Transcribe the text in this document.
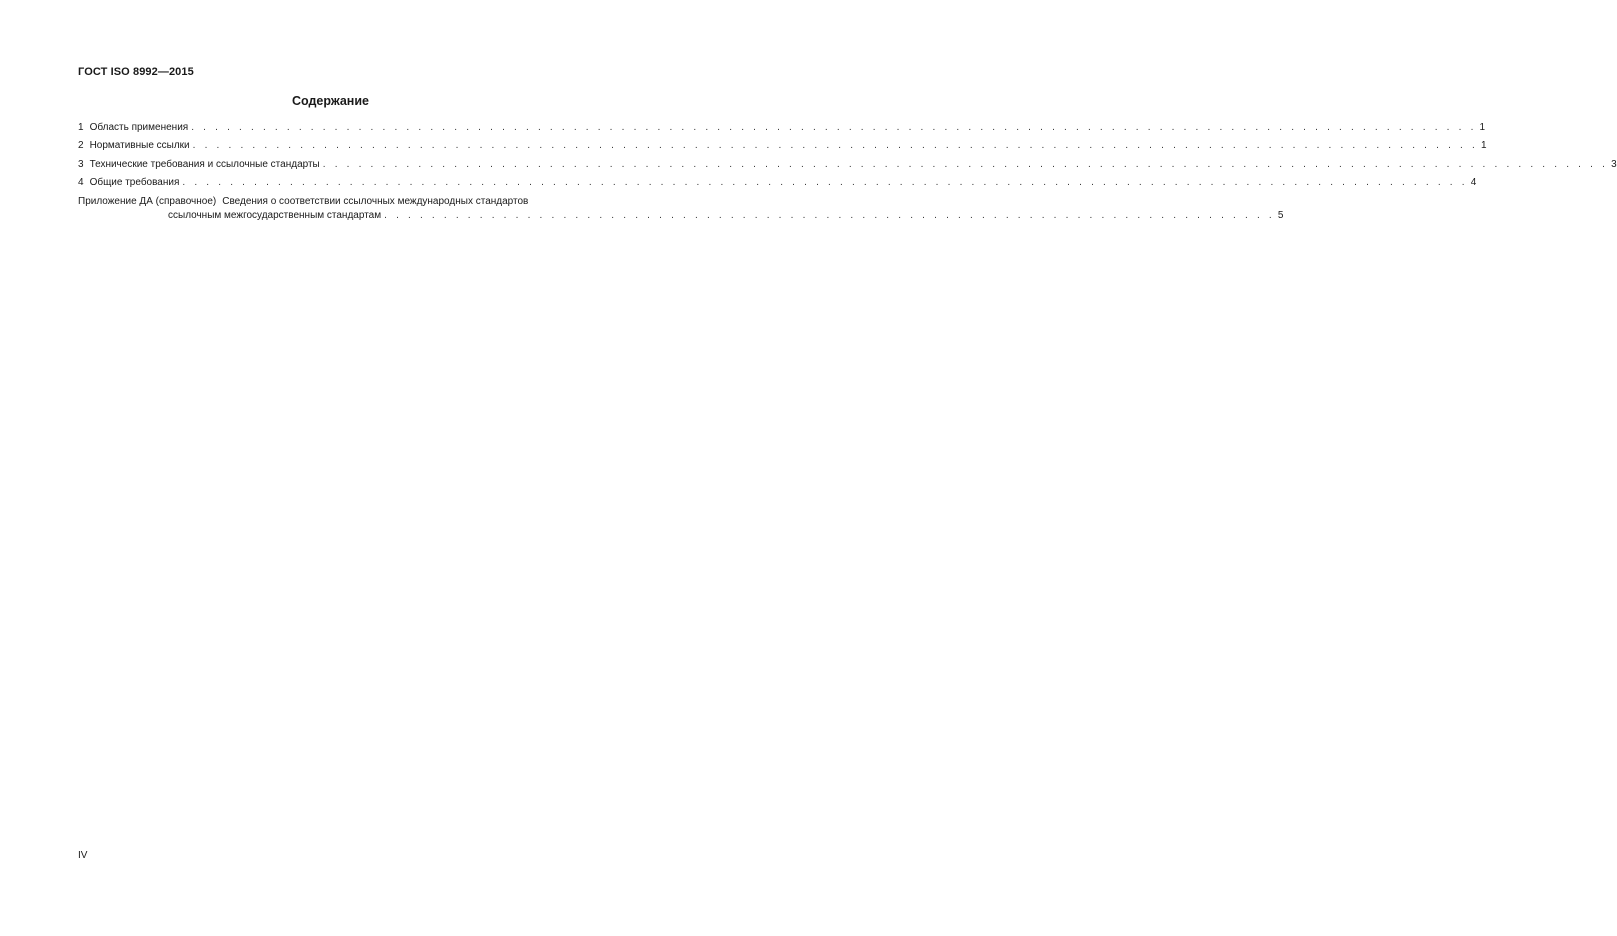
ГОСТ ISO 8992—2015
Содержание
1 Область применения . . . . . . . . . . . . . . . . . . . . . . . . . . . . . . . . . . . . . . . . . . . . . . . . . . . . . . . . . . . . . . . . . . . . . . . . . . . . . . . . . . . . . . . . . . . . . . . . . . . . . . . . . . . . 1
2 Нормативные ссылки . . . . . . . . . . . . . . . . . . . . . . . . . . . . . . . . . . . . . . . . . . . . . . . . . . . . . . . . . . . . . . . . . . . . . . . . . . . . . . . . . . . . . . . . . . . . . . . . . . . . . . . . . . . . 1
3 Технические требования и ссылочные стандарты . . . . . . . . . . . . . . . . . . . . . . . . . . . . . . . . . . . . . . . . . . . . . . . . . . . . . . . . . . . . . . . . . . . . . . . . . . . . . . . . . . . . . . . . . . . . . . . . . . . . . . . . . . . . 3
4 Общие требования . . . . . . . . . . . . . . . . . . . . . . . . . . . . . . . . . . . . . . . . . . . . . . . . . . . . . . . . . . . . . . . . . . . . . . . . . . . . . . . . . . . . . . . . . . . . . . . . . . . . . . . . . . . . 4
Приложение ДА (справочное) Сведения о соответствии ссылочных международных стандартов
ссылочным межгосударственным стандартам . . . . . . . . . . . . . . . . . . . . . . . . . . . . . . . . . . . . . . . . . . . . . . . . . . . . . . . . . . . . . . . . . . . . . . . . . . . 5
IV
